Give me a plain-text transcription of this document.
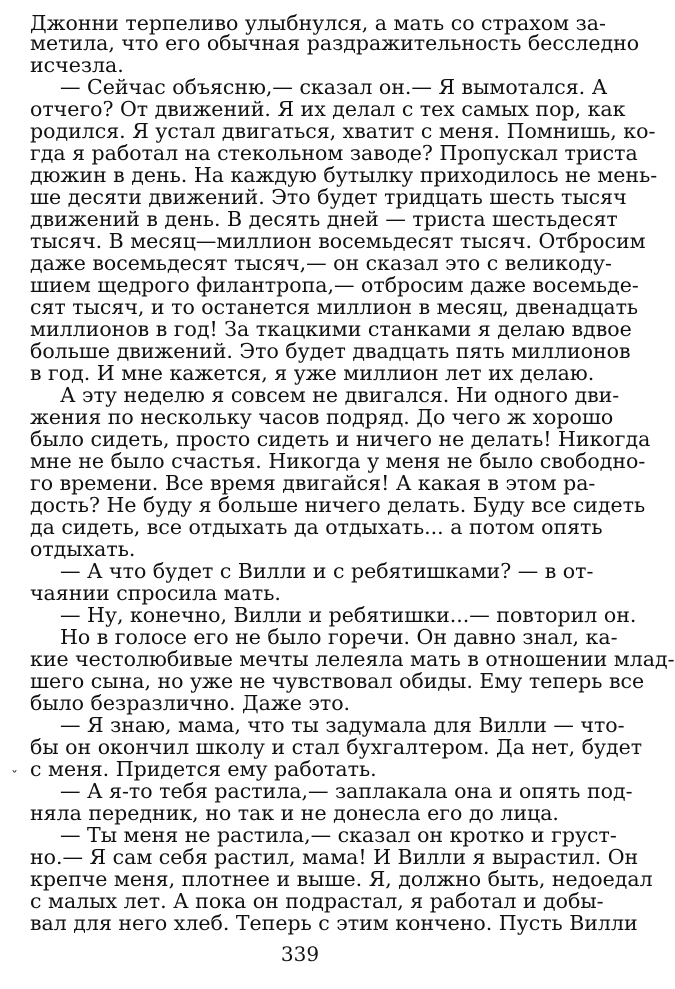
Джонни терпеливо улыбнулся, а мать со страхом за-
метила, что его обычная раздражительность бесследно
исчезла.
— Сейчас объясню,— сказал он.— Я вымотался. А
отчего? От движений. Я их делал с тех самых пор, как
родился. Я устал двигаться, хватит с меня. Помнишь, ко-
гда я работал на стекольном заводе? Пропускал триста
дюжин в день. На каждую бутылку приходилось не мень-
ше десяти движений. Это будет тридцать шесть тысяч
движений в день. В десять дней — триста шестьдесят
тысяч. В месяц—миллион восемьдесят тысяч. Отбросим
даже восемьдесят тысяч,— он сказал это с великоду-
шием щедрого филантропа,— отбросим даже восемьде-
сят тысяч, и то останется миллион в месяц, двенадцать
миллионов в год! За ткацкими станками я делаю вдвое
больше движений. Это будет двадцать пять миллионов
в год. И мне кажется, я уже миллион лет их делаю.
А эту неделю я совсем не двигался. Ни одного дви-
жения по нескольку часов подряд. До чего ж хорошо
было сидеть, просто сидеть и ничего не делать! Никогда
мне не было счастья. Никогда у меня не было свободно-
го времени. Все время двигайся! А какая в этом ра-
дость? Не буду я больше ничего делать. Буду все сидеть
да сидеть, все отдыхать да отдыхать... а потом опять
отдыхать.
— А что будет с Вилли и с ребятишками? — в от-
чаянии спросила мать.
— Ну, конечно, Вилли и ребятишки...— повторил он.
Но в голосе его не было горечи. Он давно знал, ка-
кие честолюбивые мечты лелеяла мать в отношении млад-
шего сына, но уже не чувствовал обиды. Ему теперь все
было безразлично. Даже это.
— Я знаю, мама, что ты задумала для Вилли — что-
бы он окончил школу и стал бухгалтером. Да нет, будет
с меня. Придется ему работать.
— А я-то тебя растила,— заплакала она и опять под-
няла передник, но так и не донесла его до лица.
— Ты меня не растила,— сказал он кротко и груст-
но.— Я сам себя растил, мама! И Вилли я вырастил. Он
крепче меня, плотнее и выше. Я, должно быть, недоедал
с малых лет. А пока он подрастал, я работал и добы-
вал для него хлеб. Теперь с этим кончено. Пусть Вилли
ˇ
339
